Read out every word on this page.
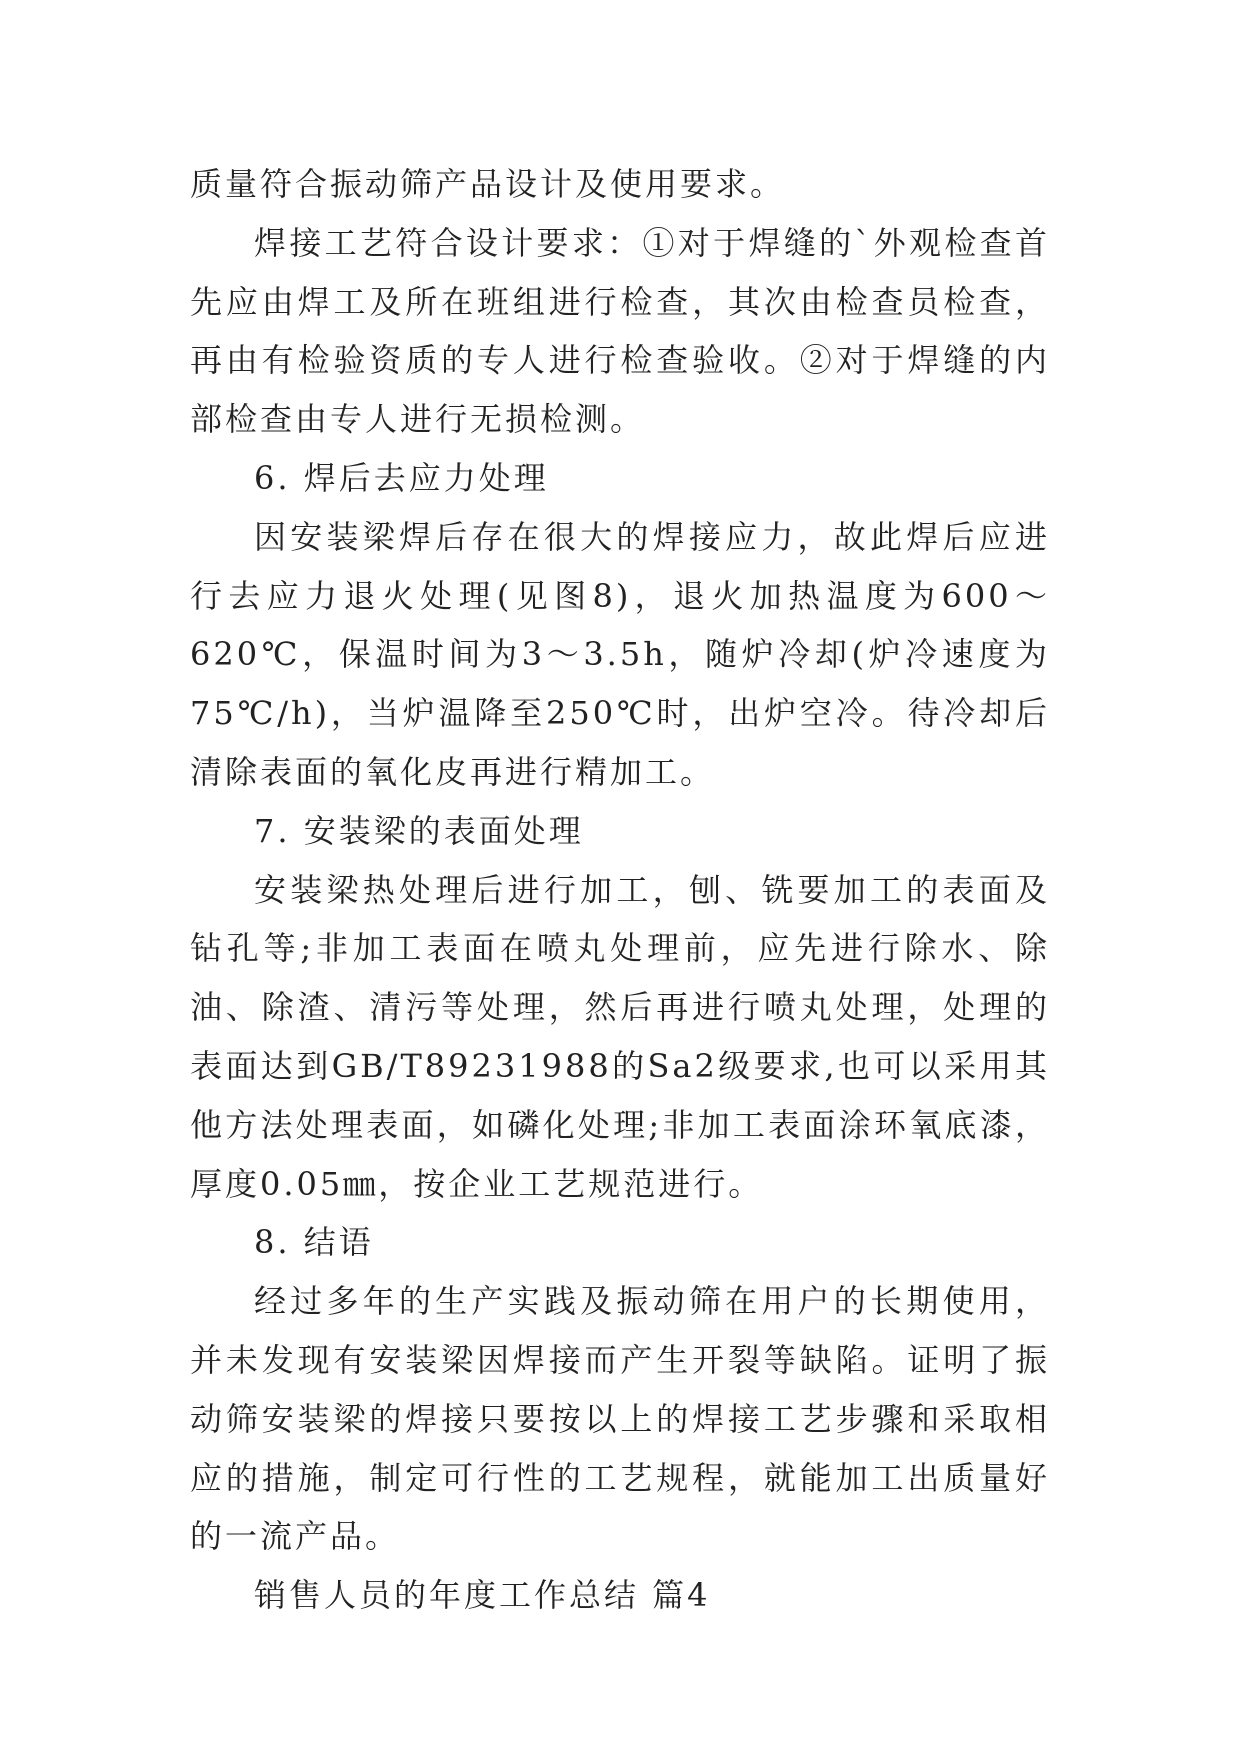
质量符合振动筛产品设计及使用要求。

焊接工艺符合设计要求：①对于焊缝的`外观检查首先应由焊工及所在班组进行检查，其次由检查员检查，再由有检验资质的专人进行检查验收。②对于焊缝的内部检查由专人进行无损检测。

6. 焊后去应力处理

因安装梁焊后存在很大的焊接应力，故此焊后应进行去应力退火处理(见图8)，退火加热温度为600～620℃，保温时间为3～3.5h，随炉冷却(炉冷速度为75℃/h)，当炉温降至250℃时，出炉空冷。待冷却后清除表面的氧化皮再进行精加工。

7. 安装梁的表面处理

安装梁热处理后进行加工，刨、铣要加工的表面及钻孔等;非加工表面在喷丸处理前，应先进行除水、除油、除渣、清污等处理，然后再进行喷丸处理，处理的表面达到GB/T89231988的Sa2级要求,也可以采用其他方法处理表面，如磷化处理;非加工表面涂环氧底漆，厚度0.05㎜，按企业工艺规范进行。

8. 结语

经过多年的生产实践及振动筛在用户的长期使用，并未发现有安装梁因焊接而产生开裂等缺陷。证明了振动筛安装梁的焊接只要按以上的焊接工艺步骤和采取相应的措施，制定可行性的工艺规程，就能加工出质量好的一流产品。

销售人员的年度工作总结 篇4
